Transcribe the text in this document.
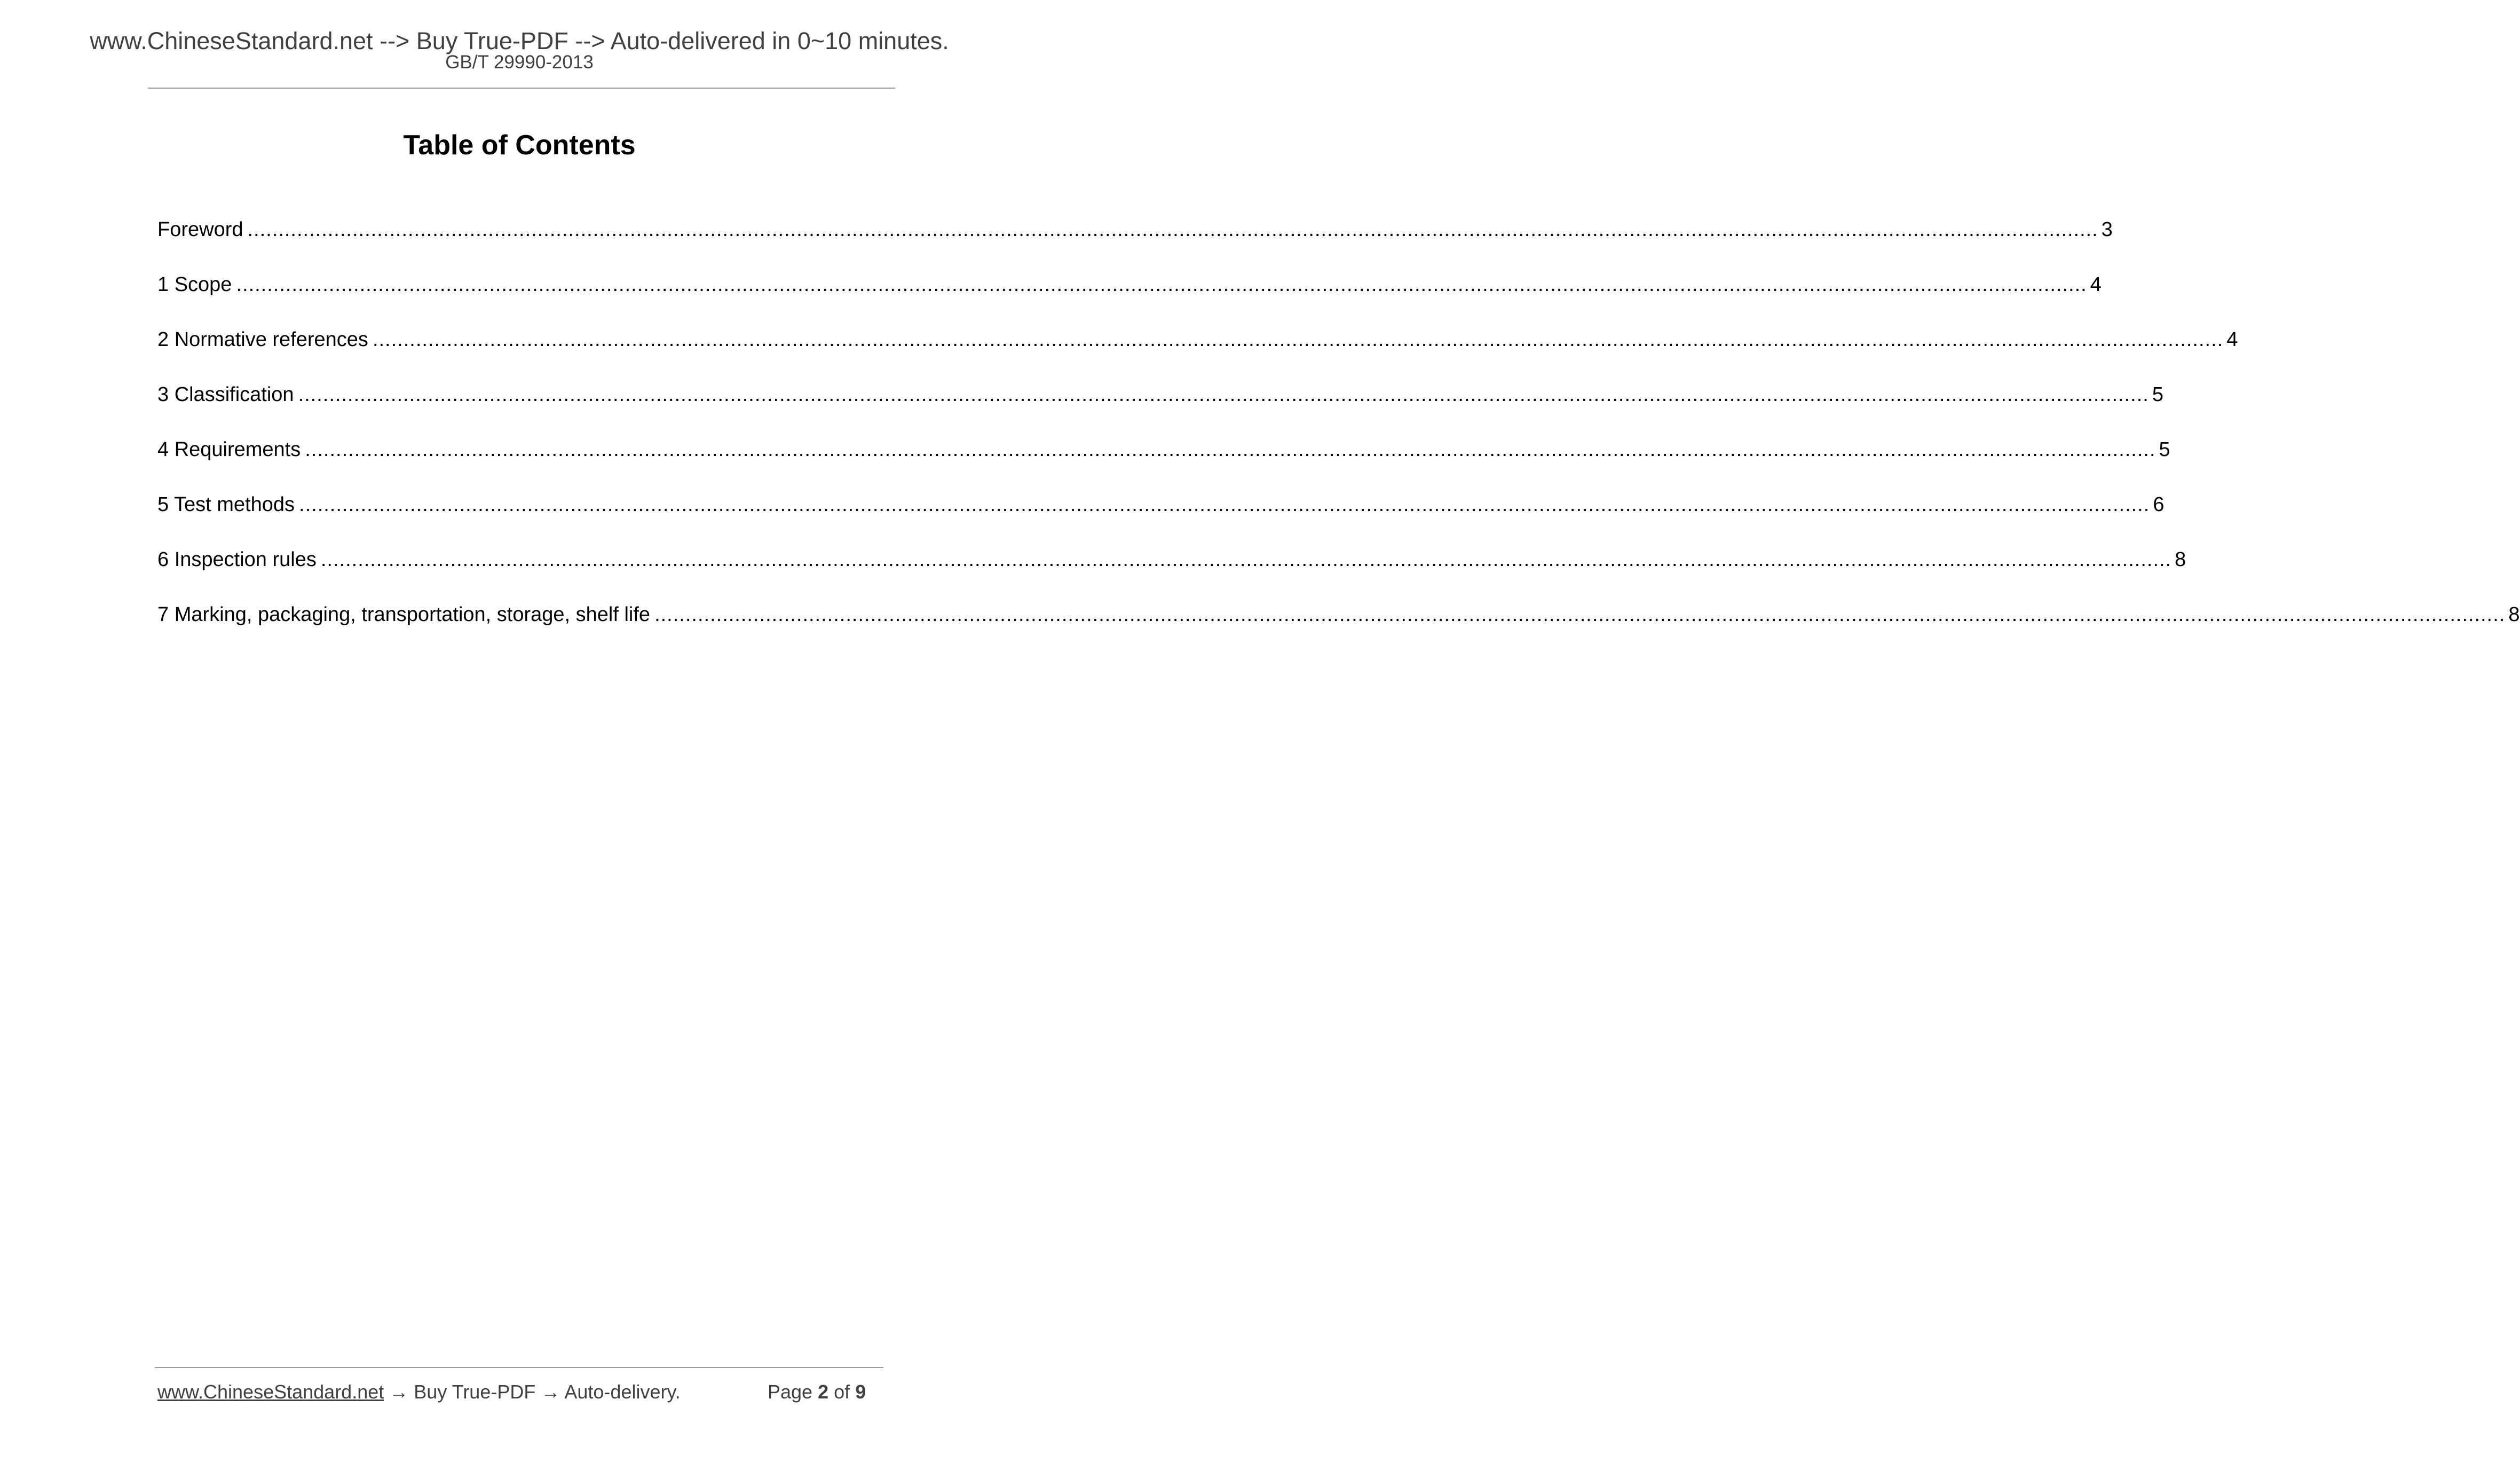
www.ChineseStandard.net --> Buy True-PDF --> Auto-delivered in 0~10 minutes.
GB/T 29990-2013
Table of Contents
Foreword ............................................................................................................................................................................................................................................................................................................ 3
1 Scope ............................................................................................................................................................................................................................................................................................................ 4
2 Normative references ............................................................................................................................................................................................................................................................................................................ 4
3 Classification ............................................................................................................................................................................................................................................................................................................ 5
4 Requirements ............................................................................................................................................................................................................................................................................................................ 5
5 Test methods ............................................................................................................................................................................................................................................................................................................ 6
6 Inspection rules ............................................................................................................................................................................................................................................................................................................ 8
7 Marking, packaging, transportation, storage, shelf life ............................................................................................................................................................................................................................................................................................................ 8
www.ChineseStandard.net → Buy True-PDF → Auto-delivery.	Page 2 of 9
